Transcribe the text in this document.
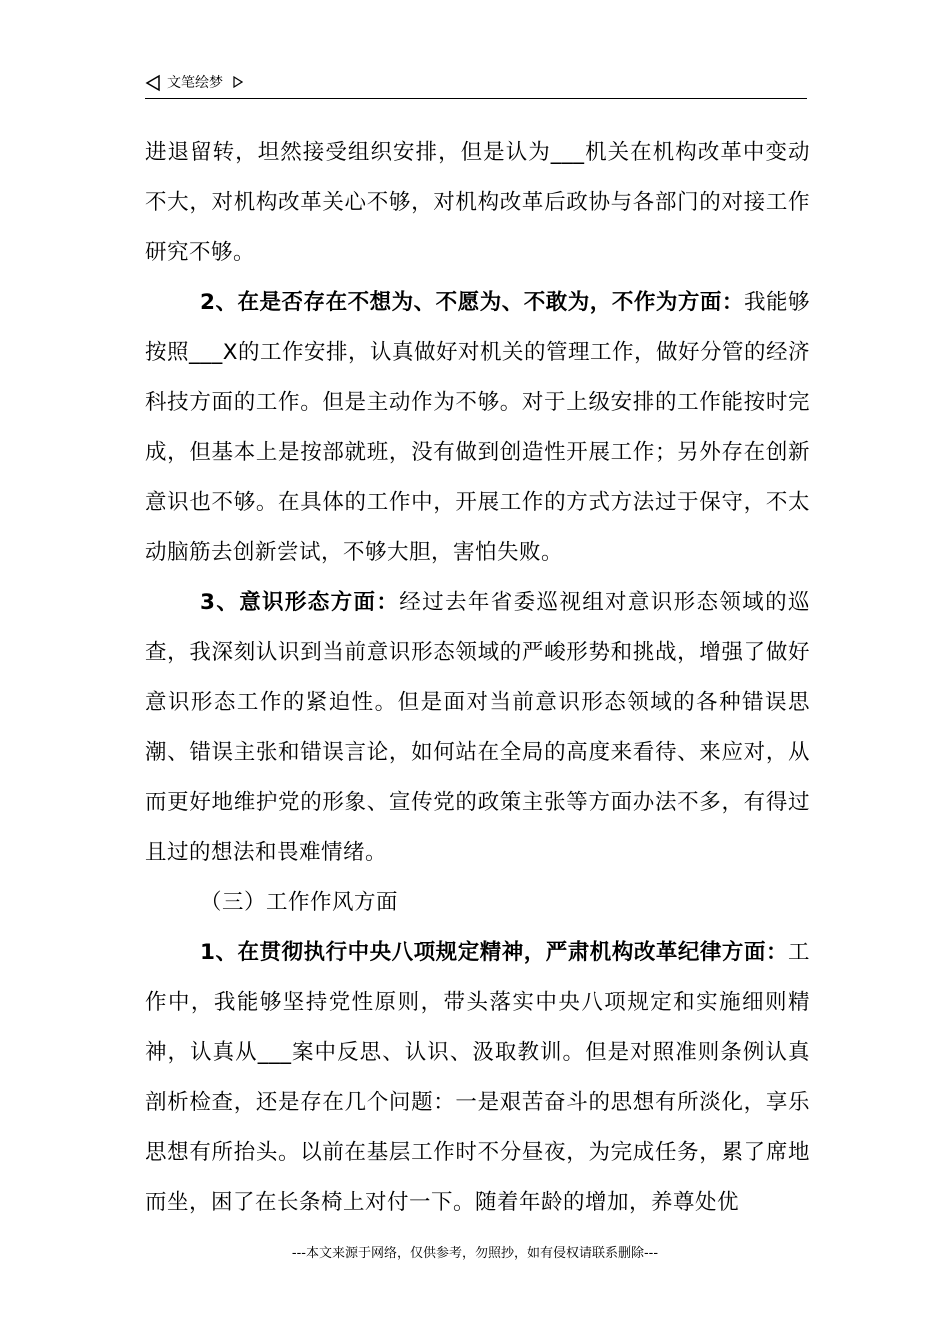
文笔绘梦

进退留转，坦然接受组织安排，但是认为___机关在机构改革中变动不大，对机构改革关心不够，对机构改革后政协与各部门的对接工作研究不够。

2、在是否存在不想为、不愿为、不敢为，不作为方面：我能够按照___X的工作安排，认真做好对机关的管理工作，做好分管的经济科技方面的工作。但是主动作为不够。对于上级安排的工作能按时完成，但基本上是按部就班，没有做到创造性开展工作；另外存在创新意识也不够。在具体的工作中，开展工作的方式方法过于保守，不太动脑筋去创新尝试，不够大胆，害怕失败。

3、意识形态方面：经过去年省委巡视组对意识形态领域的巡查，我深刻认识到当前意识形态领域的严峻形势和挑战，增强了做好意识形态工作的紧迫性。但是面对当前意识形态领域的各种错误思潮、错误主张和错误言论，如何站在全局的高度来看待、来应对，从而更好地维护党的形象、宣传党的政策主张等方面办法不多，有得过且过的想法和畏难情绪。

（三）工作作风方面

1、在贯彻执行中央八项规定精神，严肃机构改革纪律方面：工作中，我能够坚持党性原则，带头落实中央八项规定和实施细则精神，认真从___案中反思、认识、汲取教训。但是对照准则条例认真剖析检查，还是存在几个问题：一是艰苦奋斗的思想有所淡化，享乐思想有所抬头。以前在基层工作时不分昼夜，为完成任务，累了席地而坐，困了在长条椅上对付一下。随着年龄的增加，养尊处优

---本文来源于网络，仅供参考，勿照抄，如有侵权请联系删除---
